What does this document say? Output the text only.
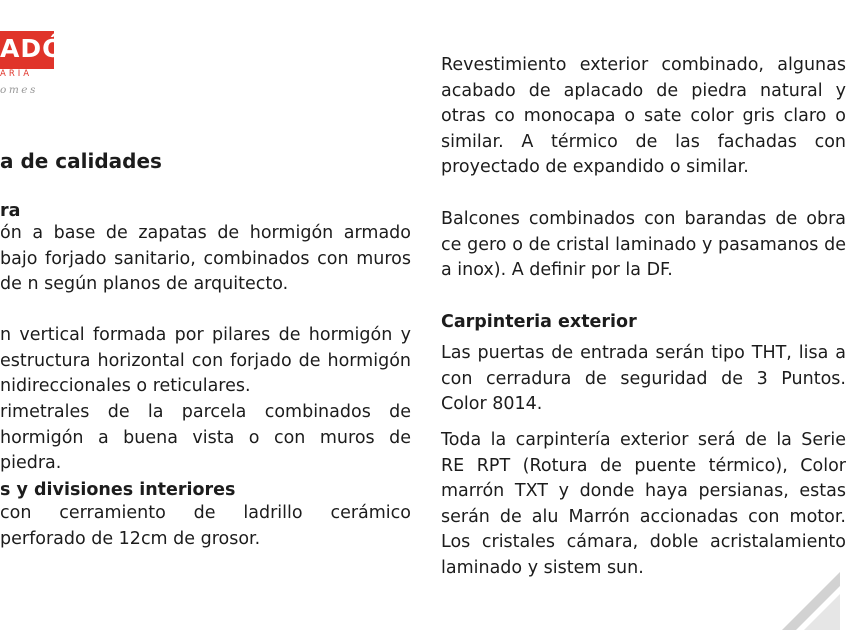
ADÓ
ARIA
omes
a de calidades
ra

ón a base de zapatas de hormigón armado bajo forjado sanitario, combinados con muros de n según planos de arquitecto.

n vertical formada por pilares de hormigón y estructura horizontal con forjado de hormigón nidireccionales o reticulares.

rimetrales de la parcela combinados de hormigón a buena vista o con muros de piedra.

s y divisiones interiores

con cerramiento de ladrillo cerámico perforado de 12cm de grosor.

Revestimiento exterior combinado, algunas acabado de aplacado de piedra natural y otras co monocapa o sate color gris claro o similar. A térmico de las fachadas con proyectado de expandido o similar.

Balcones combinados con barandas de obra ce gero o de cristal laminado y pasamanos de a inox). A definir por la DF.

Carpinteria exterior

Las puertas de entrada serán tipo THT, lisa a con cerradura de seguridad de 3 Puntos. Color 8014.

Toda la carpintería exterior será de la Serie RE RPT (Rotura de puente térmico), Color marrón TXT y donde haya persianas, estas serán de alu Marrón accionadas con motor. Los cristales cámara, doble acristalamiento laminado y sistem sun.
